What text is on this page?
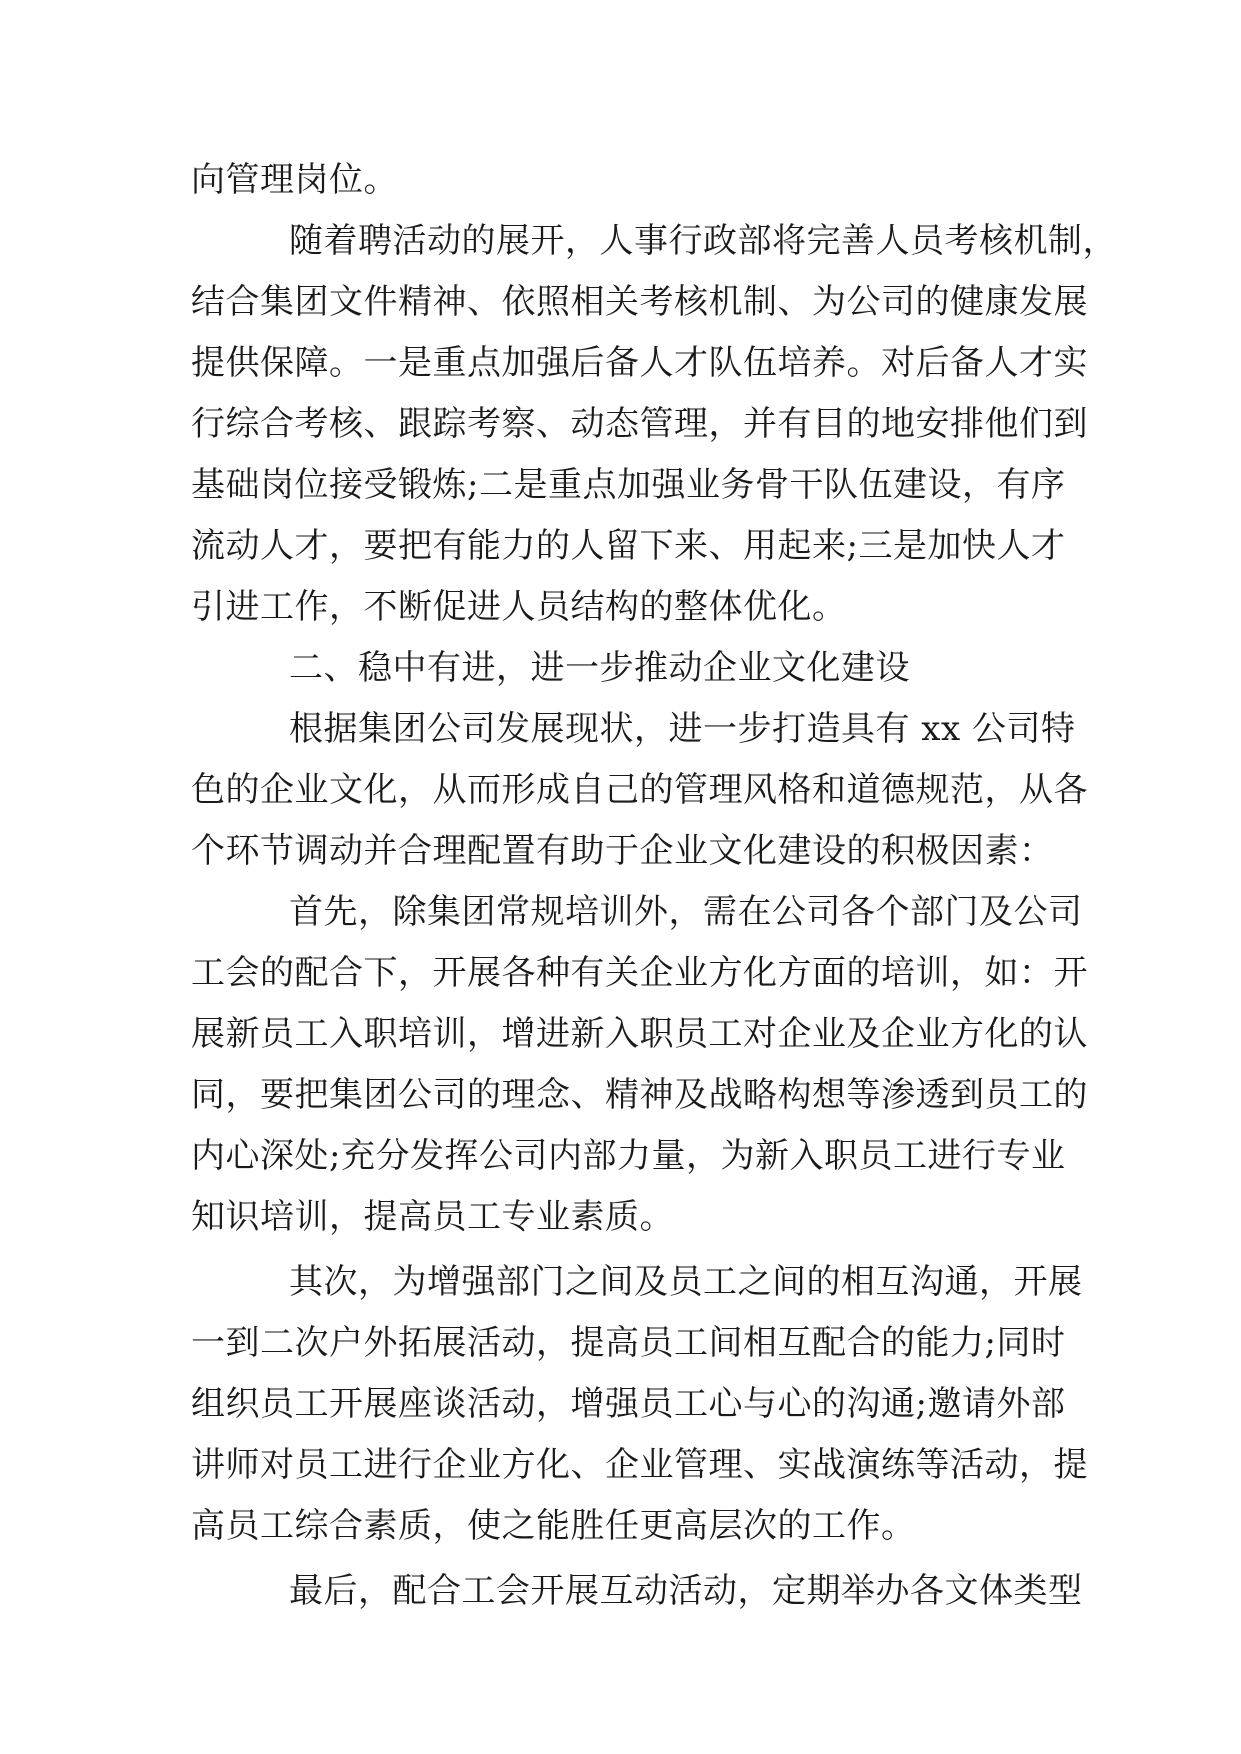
向管理岗位。
随着聘活动的展开，人事行政部将完善人员考核机制，
结合集团文件精神、依照相关考核机制、为公司的健康发展
提供保障。一是重点加强后备人才队伍培养。对后备人才实
行综合考核、跟踪考察、动态管理，并有目的地安排他们到
基础岗位接受锻炼;二是重点加强业务骨干队伍建设，有序
流动人才，要把有能力的人留下来、用起来;三是加快人才
引进工作，不断促进人员结构的整体优化。
二、稳中有进，进一步推动企业文化建设
根据集团公司发展现状，进一步打造具有 xx 公司特
色的企业文化，从而形成自己的管理风格和道德规范，从各
个环节调动并合理配置有助于企业文化建设的积极因素：
首先，除集团常规培训外，需在公司各个部门及公司
工会的配合下，开展各种有关企业方化方面的培训，如：开
展新员工入职培训，增进新入职员工对企业及企业方化的认
同，要把集团公司的理念、精神及战略构想等渗透到员工的
内心深处;充分发挥公司内部力量，为新入职员工进行专业
知识培训，提高员工专业素质。
其次，为增强部门之间及员工之间的相互沟通，开展
一到二次户外拓展活动，提高员工间相互配合的能力;同时
组织员工开展座谈活动，增强员工心与心的沟通;邀请外部
讲师对员工进行企业方化、企业管理、实战演练等活动，提
高员工综合素质，使之能胜任更高层次的工作。
最后，配合工会开展互动活动，定期举办各文体类型
